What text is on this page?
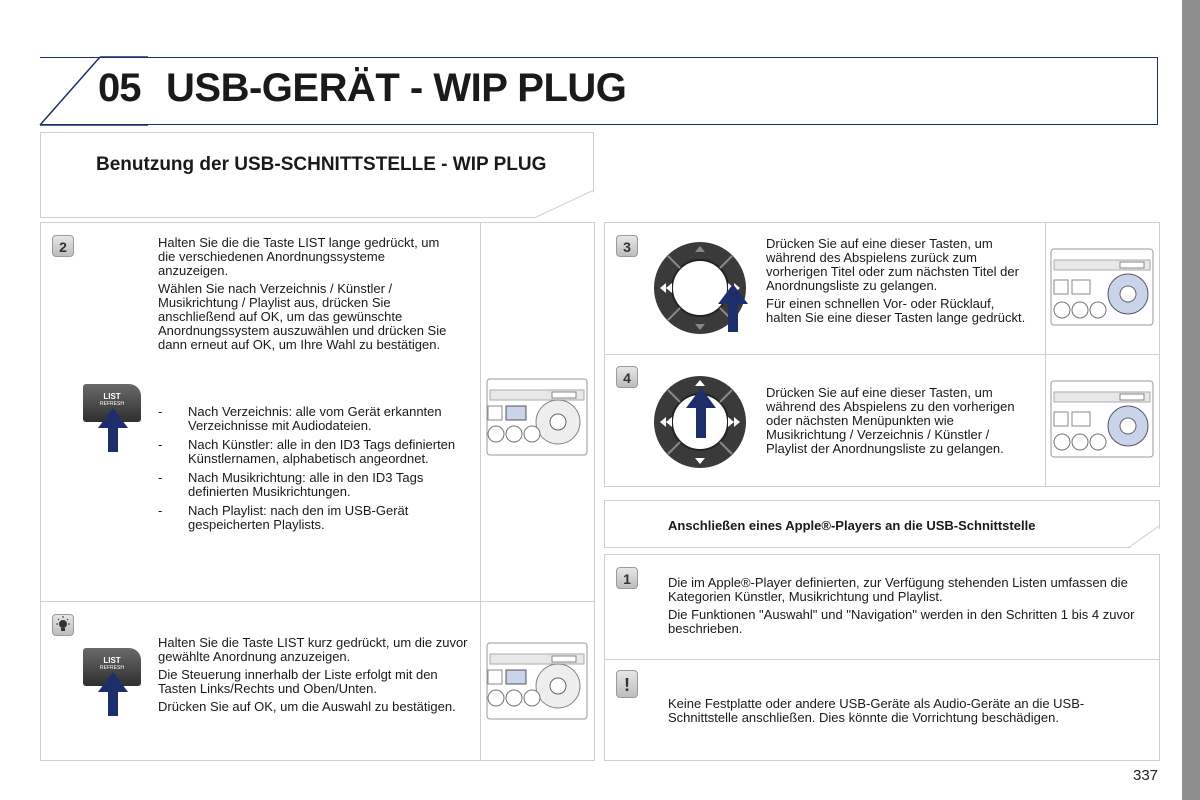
05 USB-GERÄT - WIP PLUG
Benutzung der USB-SCHNITTSTELLE - WIP PLUG
2	Halten Sie die die Taste LIST lange gedrückt, um die verschiedenen Anordnungssysteme anzuzeigen.

Wählen Sie nach Verzeichnis / Künstler / Musikrichtung / Playlist aus, drücken Sie anschließend auf OK, um das gewünschte Anordnungssystem auszuwählen und drücken Sie dann erneut auf OK, um Ihre Wahl zu bestätigen.

- Nach Verzeichnis: alle vom Gerät erkannten Verzeichnisse mit Audiodateien.
- Nach Künstler: alle in den ID3 Tags definierten Künstlernamen, alphabetisch angeordnet.
- Nach Musikrichtung: alle in den ID3 Tags definierten Musikrichtungen.
- Nach Playlist: nach den im USB-Gerät gespeicherten Playlists.
LIST
REFRESH

Halten Sie die Taste LIST kurz gedrückt, um die zuvor gewählte Anordnung anzuzeigen.

Die Steuerung innerhalb der Liste erfolgt mit den Tasten Links/Rechts und Oben/Unten.

Drücken Sie auf OK, um die Auswahl zu bestätigen.

LIST
REFRESH
3	Drücken Sie auf eine dieser Tasten, um während des Abspielens zurück zum vorherigen Titel oder zum nächsten Titel der Anordnungsliste zu gelangen.

Für einen schnellen Vor- oder Rücklauf, halten Sie eine dieser Tasten lange gedrückt.

4

Drücken Sie auf eine dieser Tasten, um während des Abspielens zu den vorherigen oder nächsten Menüpunkten wie Musikrichtung / Verzeichnis / Künstler / Playlist der Anordnungsliste zu gelangen.

Anschließen eines Apple®-Players an die USB-Schnittstelle
1	Die im Apple®-Player definierten, zur Verfügung stehenden Listen umfassen die Kategorien Künstler, Musikrichtung und Playlist.

Die Funktionen "Auswahl" und "Navigation" werden in den Schritten 1 bis 4 zuvor beschrieben.

!
Keine Festplatte oder andere USB-Geräte als Audio-Geräte an die USB-Schnittstelle anschließen. Dies könnte die Vorrichtung beschädigen.
337
